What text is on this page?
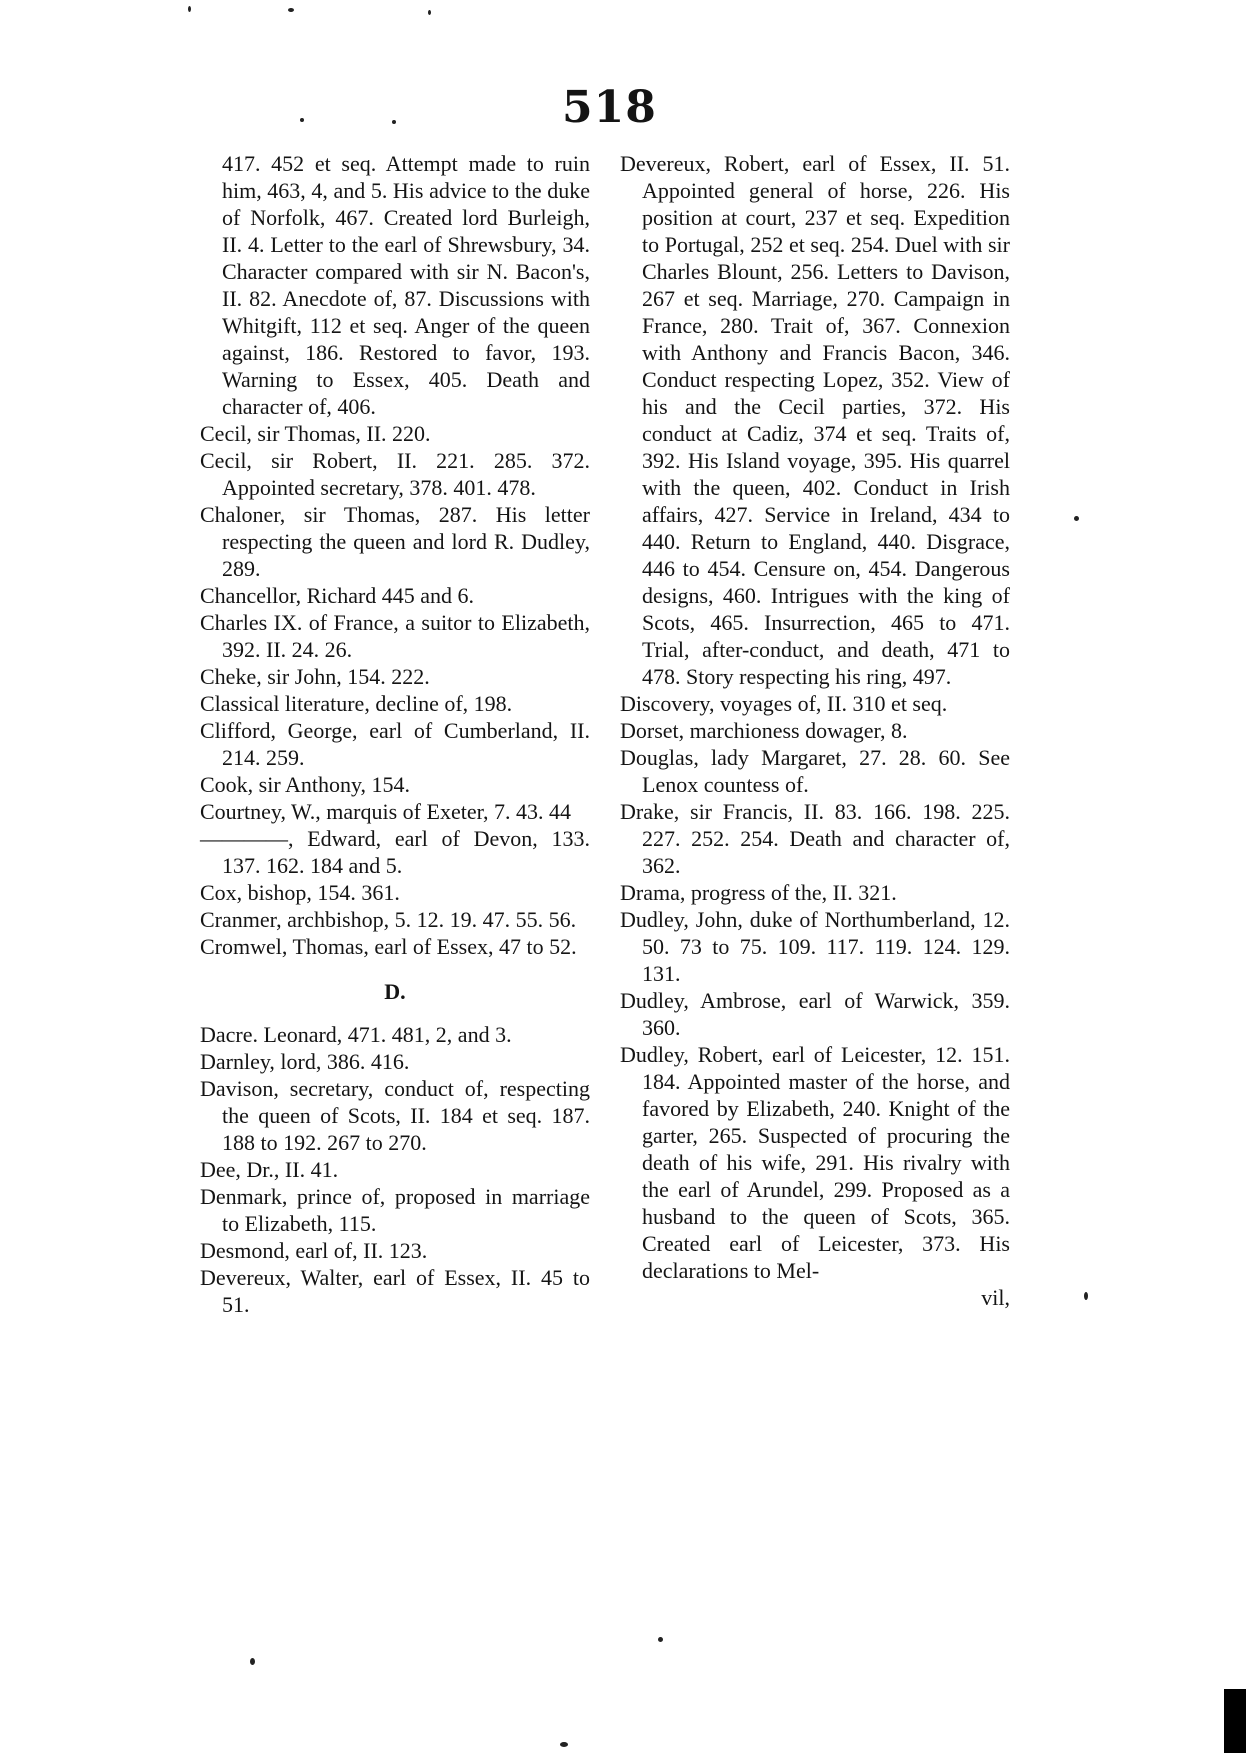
518
417. 452 et seq. Attempt made to ruin him, 463, 4, and 5. His advice to the duke of Norfolk, 467. Created lord Burleigh, II. 4. Letter to the earl of Shrewsbury, 34. Character compared with sir N. Bacon's, II. 82. Anecdote of, 87. Discussions with Whitgift, 112 et seq. Anger of the queen against, 186. Restored to favor, 193. Warning to Essex, 405. Death and character of, 406.
Cecil, sir Thomas, II. 220.
Cecil, sir Robert, II. 221. 285. 372. Appointed secretary, 378. 401. 478.
Chaloner, sir Thomas, 287. His letter respecting the queen and lord R. Dudley, 289.
Chancellor, Richard 445 and 6.
Charles IX. of France, a suitor to Elizabeth, 392. II. 24. 26.
Cheke, sir John, 154. 222.
Classical literature, decline of, 198.
Clifford, George, earl of Cumberland, II. 214. 259.
Cook, sir Anthony, 154.
Courtney, W., marquis of Exeter, 7. 43. 44
————, Edward, earl of Devon, 133. 137. 162. 184 and 5.
Cox, bishop, 154. 361.
Cranmer, archbishop, 5. 12. 19. 47. 55. 56.
Cromwel, Thomas, earl of Essex, 47 to 52.
D.
Dacre. Leonard, 471. 481, 2, and 3.
Darnley, lord, 386. 416.
Davison, secretary, conduct of, respecting the queen of Scots, II. 184 et seq. 187. 188 to 192. 267 to 270.
Dee, Dr., II. 41.
Denmark, prince of, proposed in marriage to Elizabeth, 115.
Desmond, earl of, II. 123.
Devereux, Walter, earl of Essex, II. 45 to 51.
Devereux, Robert, earl of Essex, II. 51. Appointed general of horse, 226. His position at court, 237 et seq. Expedition to Portugal, 252 et seq. 254. Duel with sir Charles Blount, 256. Letters to Davison, 267 et seq. Marriage, 270. Campaign in France, 280. Trait of, 367. Connexion with Anthony and Francis Bacon, 346. Conduct respecting Lopez, 352. View of his and the Cecil parties, 372. His conduct at Cadiz, 374 et seq. Traits of, 392. His Island voyage, 395. His quarrel with the queen, 402. Conduct in Irish affairs, 427. Service in Ireland, 434 to 440. Return to England, 440. Disgrace, 446 to 454. Censure on, 454. Dangerous designs, 460. Intrigues with the king of Scots, 465. Insurrection, 465 to 471. Trial, after-conduct, and death, 471 to 478. Story respecting his ring, 497.
Discovery, voyages of, II. 310 et seq.
Dorset, marchioness dowager, 8.
Douglas, lady Margaret, 27. 28. 60. See Lenox countess of.
Drake, sir Francis, II. 83. 166. 198. 225. 227. 252. 254. Death and character of, 362.
Drama, progress of the, II. 321.
Dudley, John, duke of Northumberland, 12. 50. 73 to 75. 109. 117. 119. 124. 129. 131.
Dudley, Ambrose, earl of Warwick, 359. 360.
Dudley, Robert, earl of Leicester, 12. 151. 184. Appointed master of the horse, and favored by Elizabeth, 240. Knight of the garter, 265. Suspected of procuring the death of his wife, 291. His rivalry with the earl of Arundel, 299. Proposed as a husband to the queen of Scots, 365. Created earl of Leicester, 373. His declarations to Mel-
vil,
